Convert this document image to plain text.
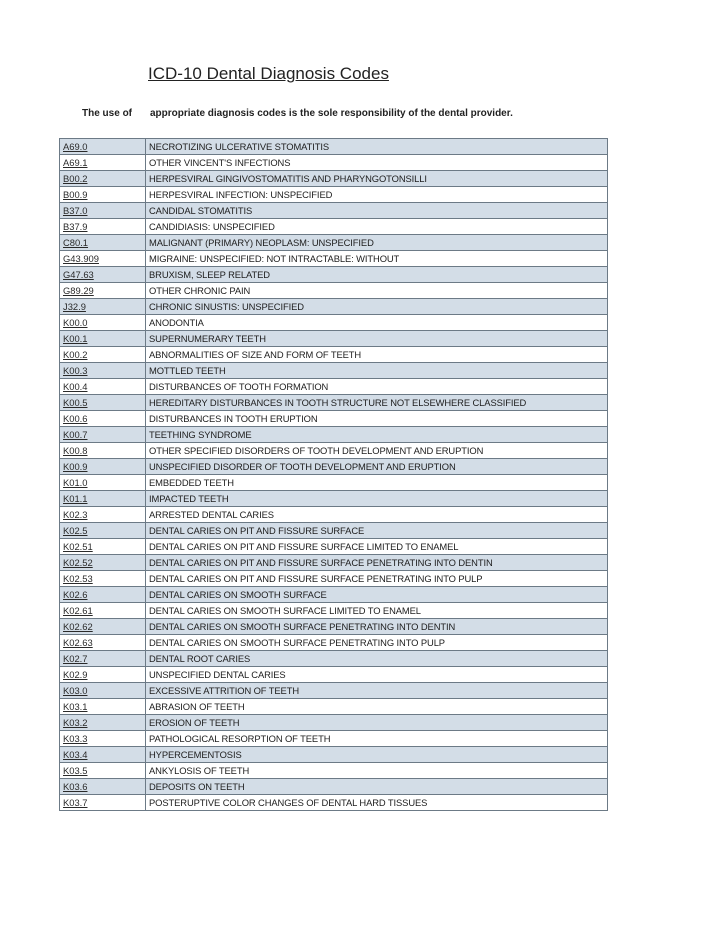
ICD-10 Dental Diagnosis Codes
The use of appropriate diagnosis codes is the sole responsibility of the dental provider.
A69.0	NECROTIZING ULCERATIVE STOMATITIS
A69.1	OTHER VINCENT'S INFECTIONS
B00.2	HERPESVIRAL GINGIVOSTOMATITIS AND PHARYNGOTONSILLI
B00.9	HERPESVIRAL INFECTION: UNSPECIFIED
B37.0	CANDIDAL STOMATITIS
B37.9	CANDIDIASIS: UNSPECIFIED
C80.1	MALIGNANT (PRIMARY) NEOPLASM: UNSPECIFIED
G43.909	MIGRAINE: UNSPECIFIED: NOT INTRACTABLE: WITHOUT
G47.63	BRUXISM, SLEEP RELATED
G89.29	OTHER CHRONIC PAIN
J32.9	CHRONIC SINUSTIS: UNSPECIFIED
K00.0	ANODONTIA
K00.1	SUPERNUMERARY TEETH
K00.2	ABNORMALITIES OF SIZE AND FORM OF TEETH
K00.3	MOTTLED TEETH
K00.4	DISTURBANCES OF TOOTH FORMATION
K00.5	HEREDITARY DISTURBANCES IN TOOTH STRUCTURE NOT ELSEWHERE CLASSIFIED
K00.6	DISTURBANCES IN TOOTH ERUPTION
K00.7	TEETHING SYNDROME
K00.8	OTHER SPECIFIED DISORDERS OF TOOTH DEVELOPMENT AND ERUPTION
K00.9	UNSPECIFIED DISORDER OF TOOTH DEVELOPMENT AND ERUPTION
K01.0	EMBEDDED TEETH
K01.1	IMPACTED TEETH
K02.3	ARRESTED DENTAL CARIES
K02.5	DENTAL CARIES ON PIT AND FISSURE SURFACE
K02.51	DENTAL CARIES ON PIT AND FISSURE SURFACE LIMITED TO ENAMEL
K02.52	DENTAL CARIES ON PIT AND FISSURE SURFACE PENETRATING INTO DENTIN
K02.53	DENTAL CARIES ON PIT AND FISSURE SURFACE PENETRATING INTO PULP
K02.6	DENTAL CARIES ON SMOOTH SURFACE
K02.61	DENTAL CARIES ON SMOOTH SURFACE LIMITED TO ENAMEL
K02.62	DENTAL CARIES ON SMOOTH SURFACE PENETRATING INTO DENTIN
K02.63	DENTAL CARIES ON SMOOTH SURFACE PENETRATING INTO PULP
K02.7	DENTAL ROOT CARIES
K02.9	UNSPECIFIED DENTAL CARIES
K03.0	EXCESSIVE ATTRITION OF TEETH
K03.1	ABRASION OF TEETH
K03.2	EROSION OF TEETH
K03.3	PATHOLOGICAL RESORPTION OF TEETH
K03.4	HYPERCEMENTOSIS
K03.5	ANKYLOSIS OF TEETH
K03.6	DEPOSITS ON TEETH
K03.7	POSTERUPTIVE COLOR CHANGES OF DENTAL HARD TISSUES
